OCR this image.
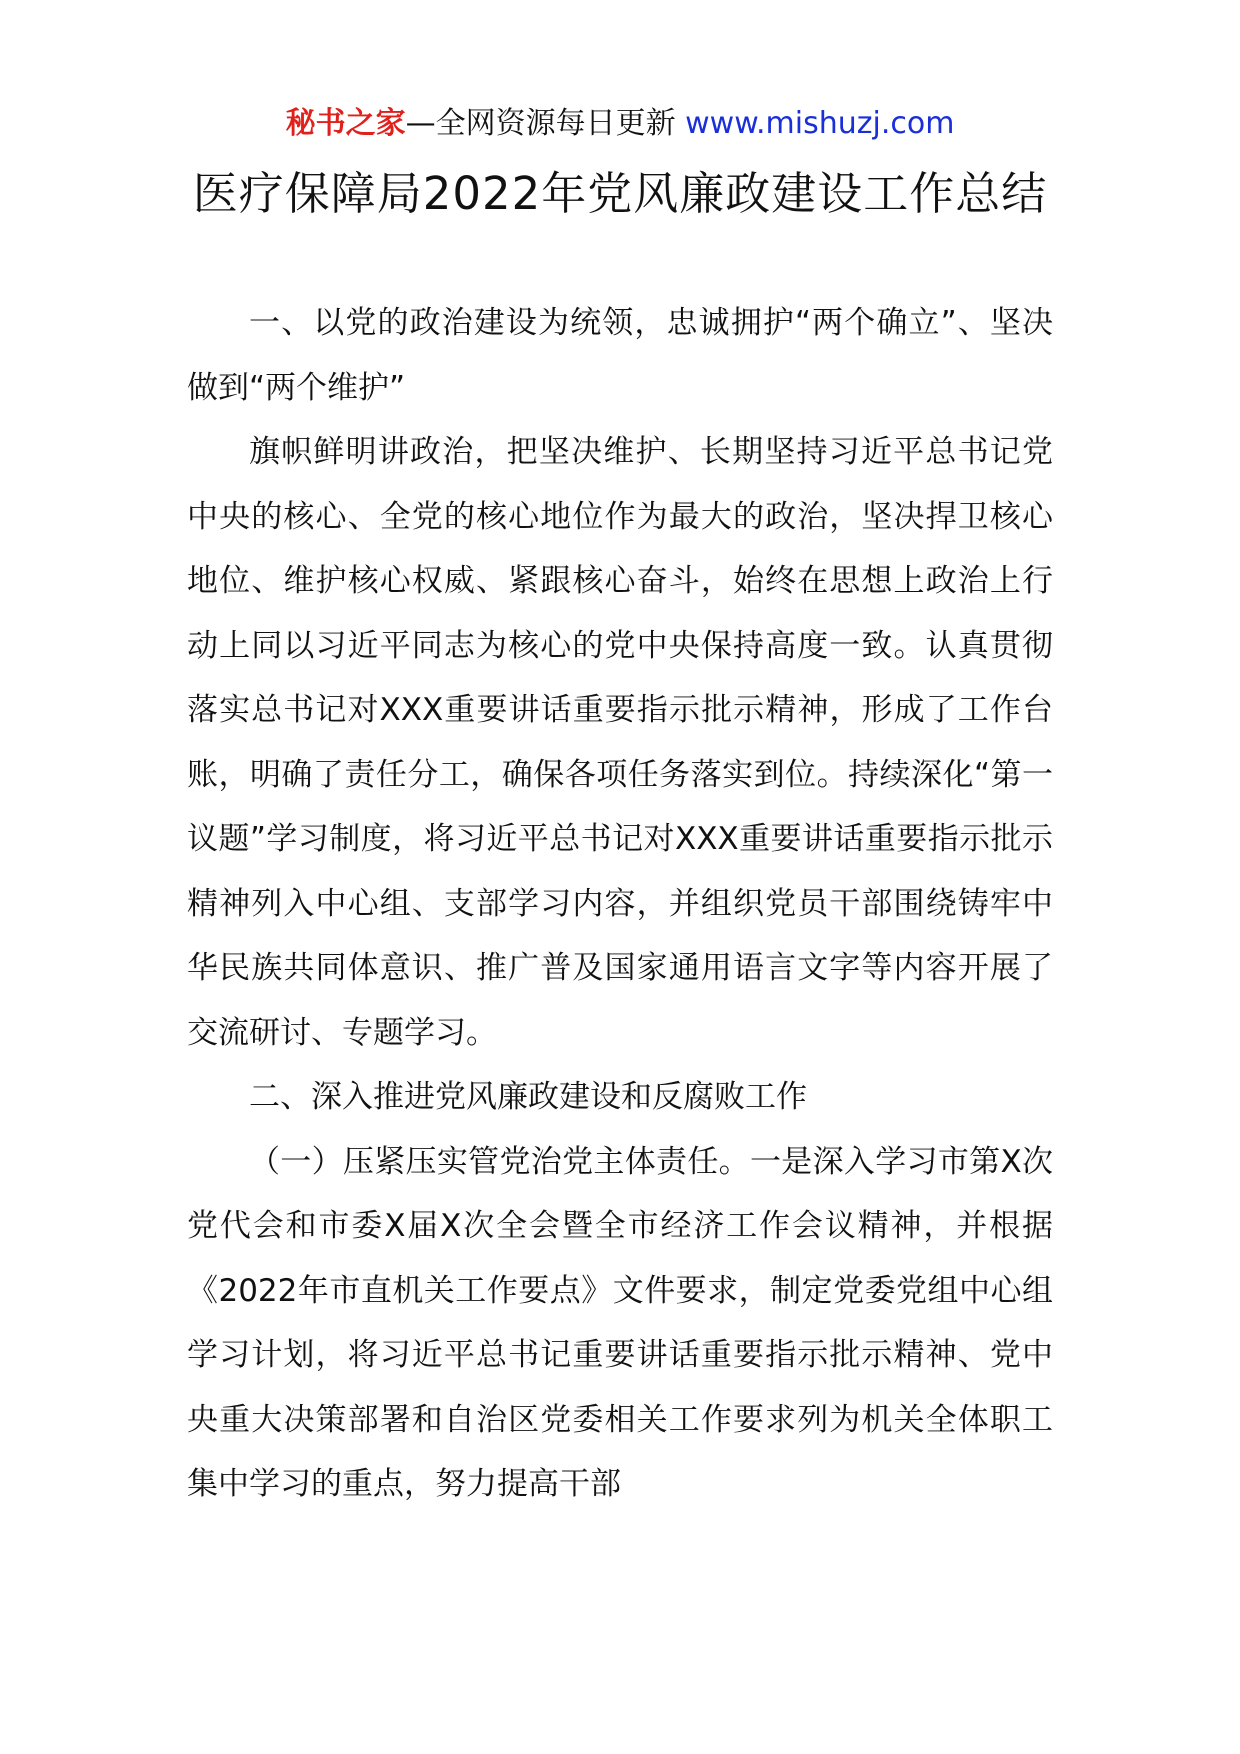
秘书之家—全网资源每日更新 www.mishuzj.com
医疗保障局2022年党风廉政建设工作总结

一、以党的政治建设为统领，忠诚拥护“两个确立”、坚决做到“两个维护”

旗帜鲜明讲政治，把坚决维护、长期坚持习近平总书记党中央的核心、全党的核心地位作为最大的政治，坚决捍卫核心地位、维护核心权威、紧跟核心奋斗，始终在思想上政治上行动上同以习近平同志为核心的党中央保持高度一致。认真贯彻落实总书记对XXX重要讲话重要指示批示精神，形成了工作台账，明确了责任分工，确保各项任务落实到位。持续深化“第一议题”学习制度，将习近平总书记对XXX重要讲话重要指示批示精神列入中心组、支部学习内容，并组织党员干部围绕铸牢中华民族共同体意识、推广普及国家通用语言文字等内容开展了交流研讨、专题学习。

二、深入推进党风廉政建设和反腐败工作

（一）压紧压实管党治党主体责任。一是深入学习市第X次党代会和市委X届X次全会暨全市经济工作会议精神，并根据《2022年市直机关工作要点》文件要求，制定党委党组中心组学习计划，将习近平总书记重要讲话重要指示批示精神、党中央重大决策部署和自治区党委相关工作要求列为机关全体职工集中学习的重点，努力提高干部
